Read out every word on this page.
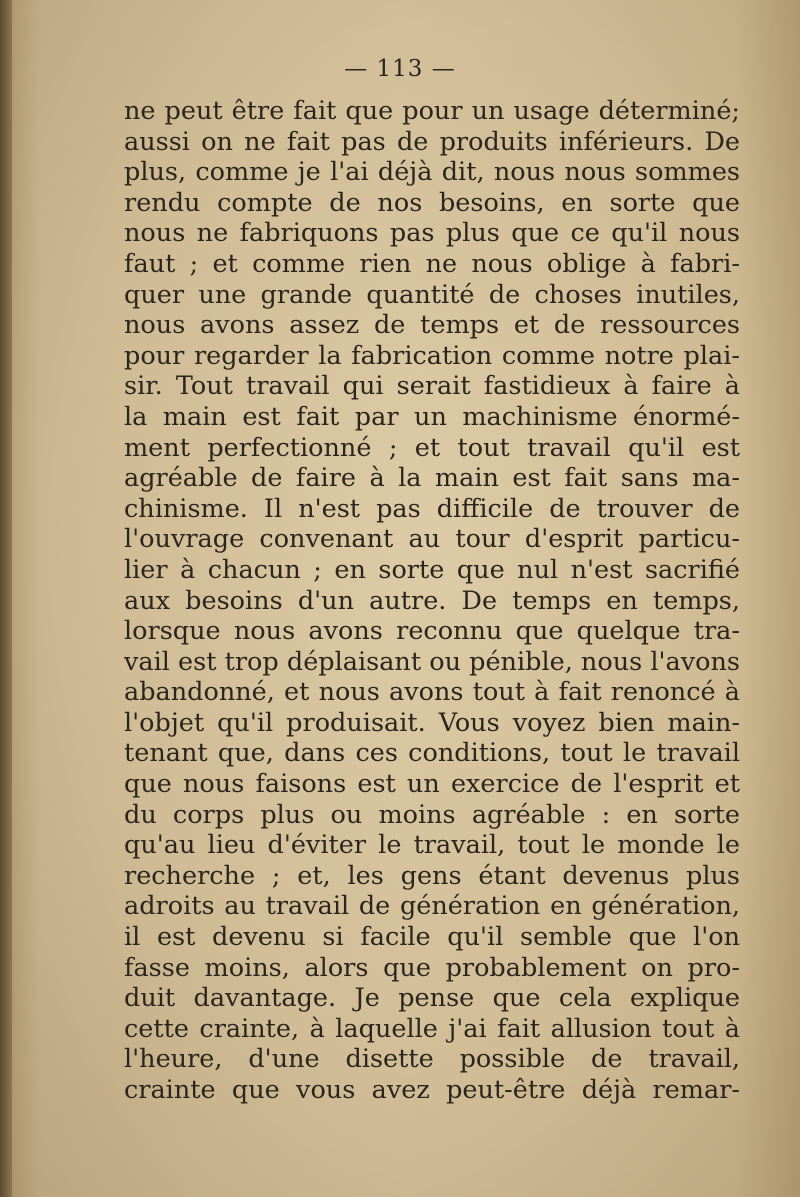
— 113 —
ne peut être fait que pour un usage déterminé;
aussi on ne fait pas de produits inférieurs. De
plus, comme je l'ai déjà dit, nous nous sommes
rendu compte de nos besoins, en sorte que
nous ne fabriquons pas plus que ce qu'il nous
faut ; et comme rien ne nous oblige à fabri-
quer une grande quantité de choses inutiles,
nous avons assez de temps et de ressources
pour regarder la fabrication comme notre plai-
sir. Tout travail qui serait fastidieux à faire à
la main est fait par un machinisme énormé-
ment perfectionné ; et tout travail qu'il est
agréable de faire à la main est fait sans ma-
chinisme. Il n'est pas difficile de trouver de
l'ouvrage convenant au tour d'esprit particu-
lier à chacun ; en sorte que nul n'est sacrifié
aux besoins d'un autre. De temps en temps,
lorsque nous avons reconnu que quelque tra-
vail est trop déplaisant ou pénible, nous l'avons
abandonné, et nous avons tout à fait renoncé à
l'objet qu'il produisait. Vous voyez bien main-
tenant que, dans ces conditions, tout le travail
que nous faisons est un exercice de l'esprit et
du corps plus ou moins agréable : en sorte
qu'au lieu d'éviter le travail, tout le monde le
recherche ; et, les gens étant devenus plus
adroits au travail de génération en génération,
il est devenu si facile qu'il semble que l'on
fasse moins, alors que probablement on pro-
duit davantage. Je pense que cela explique
cette crainte, à laquelle j'ai fait allusion tout à
l'heure, d'une disette possible de travail,
crainte que vous avez peut-être déjà remar-
